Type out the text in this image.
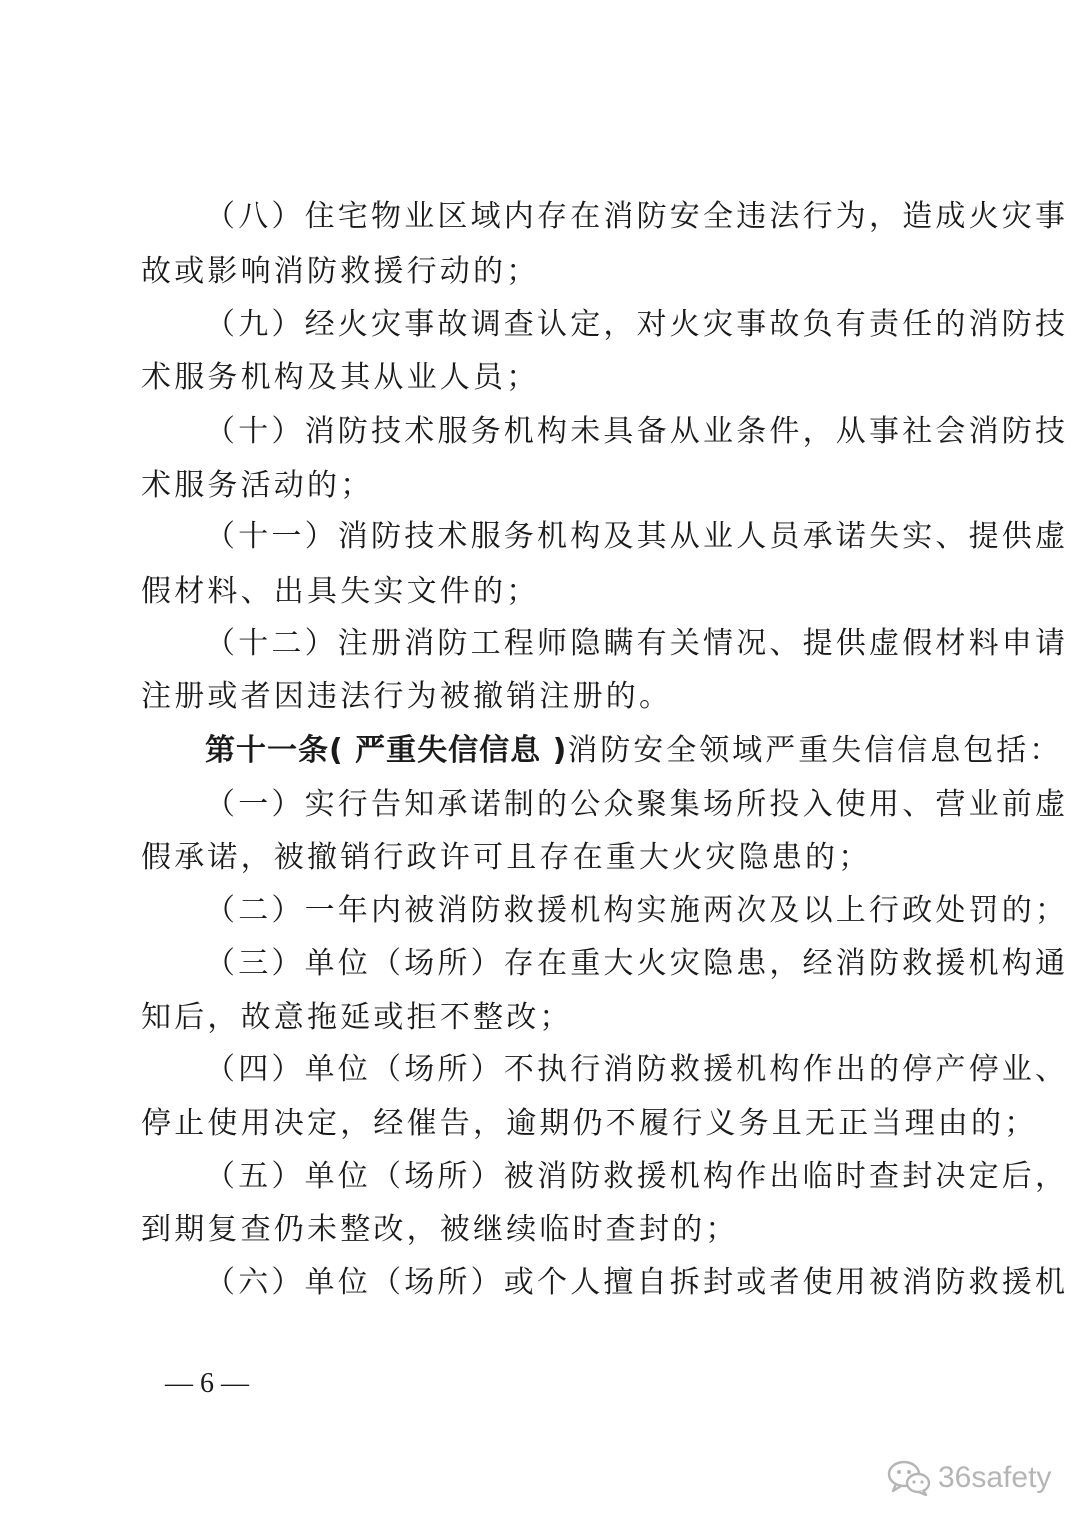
（八）住宅物业区域内存在消防安全违法行为，造成火灾事
故或影响消防救援行动的；
（九）经火灾事故调查认定，对火灾事故负有责任的消防技
术服务机构及其从业人员；
（十）消防技术服务机构未具备从业条件，从事社会消防技
术服务活动的；
（十一）消防技术服务机构及其从业人员承诺失实、提供虚
假材料、出具失实文件的；
（十二）注册消防工程师隐瞒有关情况、提供虚假材料申请
注册或者因违法行为被撤销注册的。
第十一条( 严重失信信息 )消防安全领域严重失信信息包括：
（一）实行告知承诺制的公众聚集场所投入使用、营业前虚
假承诺，被撤销行政许可且存在重大火灾隐患的；
（二）一年内被消防救援机构实施两次及以上行政处罚的；
（三）单位（场所）存在重大火灾隐患，经消防救援机构通
知后，故意拖延或拒不整改；
（四）单位（场所）不执行消防救援机构作出的停产停业、
停止使用决定，经催告，逾期仍不履行义务且无正当理由的；
（五）单位（场所）被消防救援机构作出临时查封决定后，
到期复查仍未整改，被继续临时查封的；
（六）单位（场所）或个人擅自拆封或者使用被消防救援机
— 6 —
36safety
